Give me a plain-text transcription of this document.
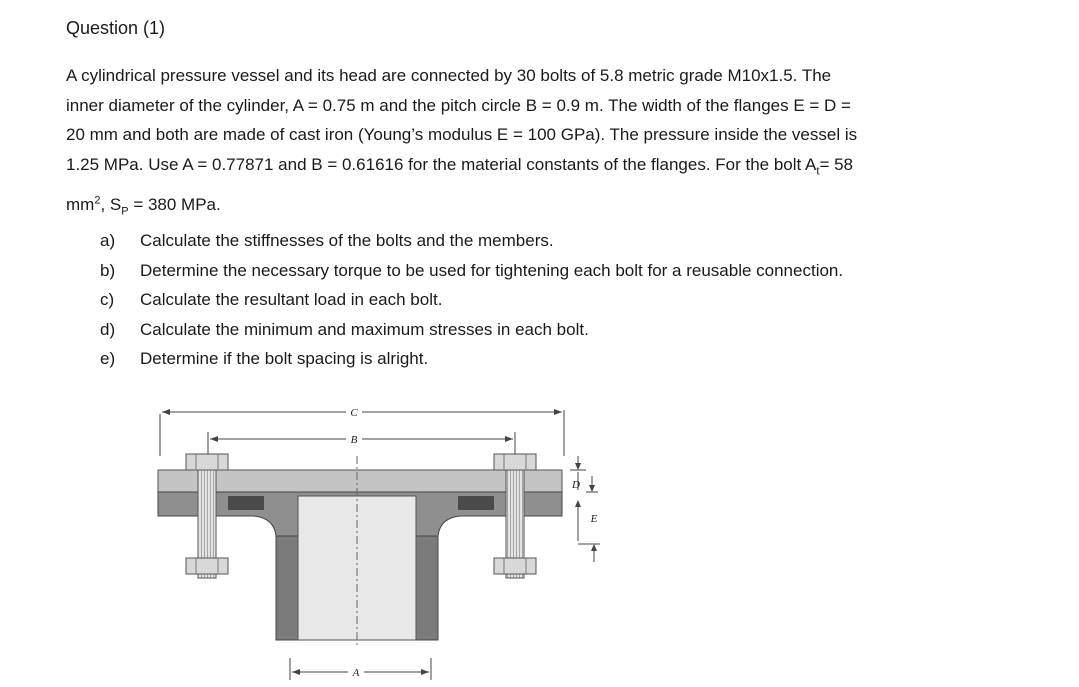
Question (1)

A cylindrical pressure vessel and its head are connected by 30 bolts of 5.8 metric grade M10x1.5. The
inner diameter of the cylinder, A = 0.75 m and the pitch circle B = 0.9 m. The width of the flanges E = D =
20 mm and both are made of cast iron (Young’s modulus E = 100 GPa). The pressure inside the vessel is
1.25 MPa. Use A = 0.77871 and B = 0.61616 for the material constants of the flanges. For the bolt $A_t= 58$
$mm^2$, $S_P = 380$ MPa.

a)	Calculate the stiffnesses of the bolts and the members.
b)	Determine the necessary torque to be used for tightening each bolt for a reusable connection.
c)	Calculate the resultant load in each bolt.
d)	Calculate the minimum and maximum stresses in each bolt.
e)	Determine if the bolt spacing is alright.
C
B
D
E
A
